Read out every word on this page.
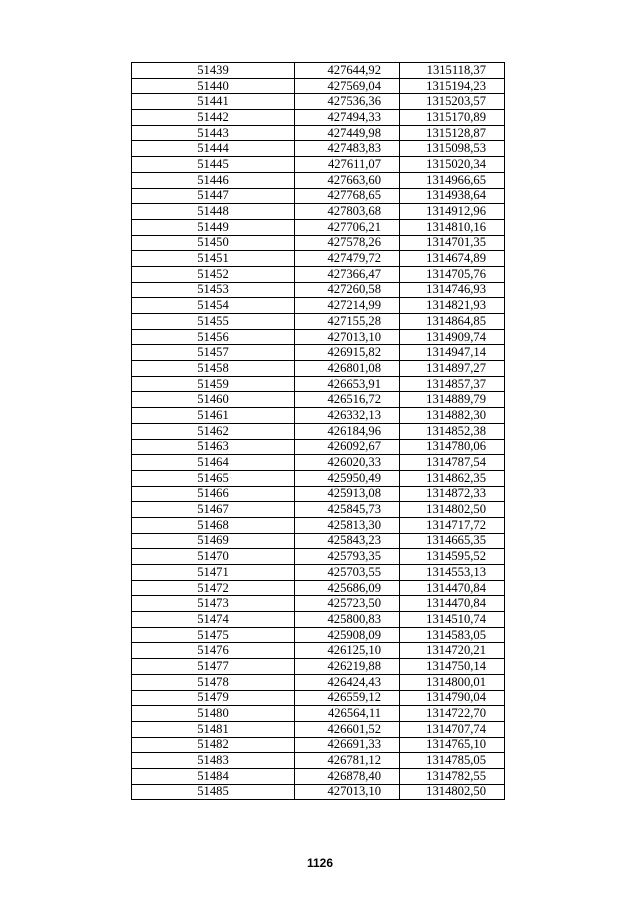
51439	427644,92	1315118,37
51440	427569,04	1315194,23
51441	427536,36	1315203,57
51442	427494,33	1315170,89
51443	427449,98	1315128,87
51444	427483,83	1315098,53
51445	427611,07	1315020,34
51446	427663,60	1314966,65
51447	427768,65	1314938,64
51448	427803,68	1314912,96
51449	427706,21	1314810,16
51450	427578,26	1314701,35
51451	427479,72	1314674,89
51452	427366,47	1314705,76
51453	427260,58	1314746,93
51454	427214,99	1314821,93
51455	427155,28	1314864,85
51456	427013,10	1314909,74
51457	426915,82	1314947,14
51458	426801,08	1314897,27
51459	426653,91	1314857,37
51460	426516,72	1314889,79
51461	426332,13	1314882,30
51462	426184,96	1314852,38
51463	426092,67	1314780,06
51464	426020,33	1314787,54
51465	425950,49	1314862,35
51466	425913,08	1314872,33
51467	425845,73	1314802,50
51468	425813,30	1314717,72
51469	425843,23	1314665,35
51470	425793,35	1314595,52
51471	425703,55	1314553,13
51472	425686,09	1314470,84
51473	425723,50	1314470,84
51474	425800,83	1314510,74
51475	425908,09	1314583,05
51476	426125,10	1314720,21
51477	426219,88	1314750,14
51478	426424,43	1314800,01
51479	426559,12	1314790,04
51480	426564,11	1314722,70
51481	426601,52	1314707,74
51482	426691,33	1314765,10
51483	426781,12	1314785,05
51484	426878,40	1314782,55
51485	427013,10	1314802,50
1126
